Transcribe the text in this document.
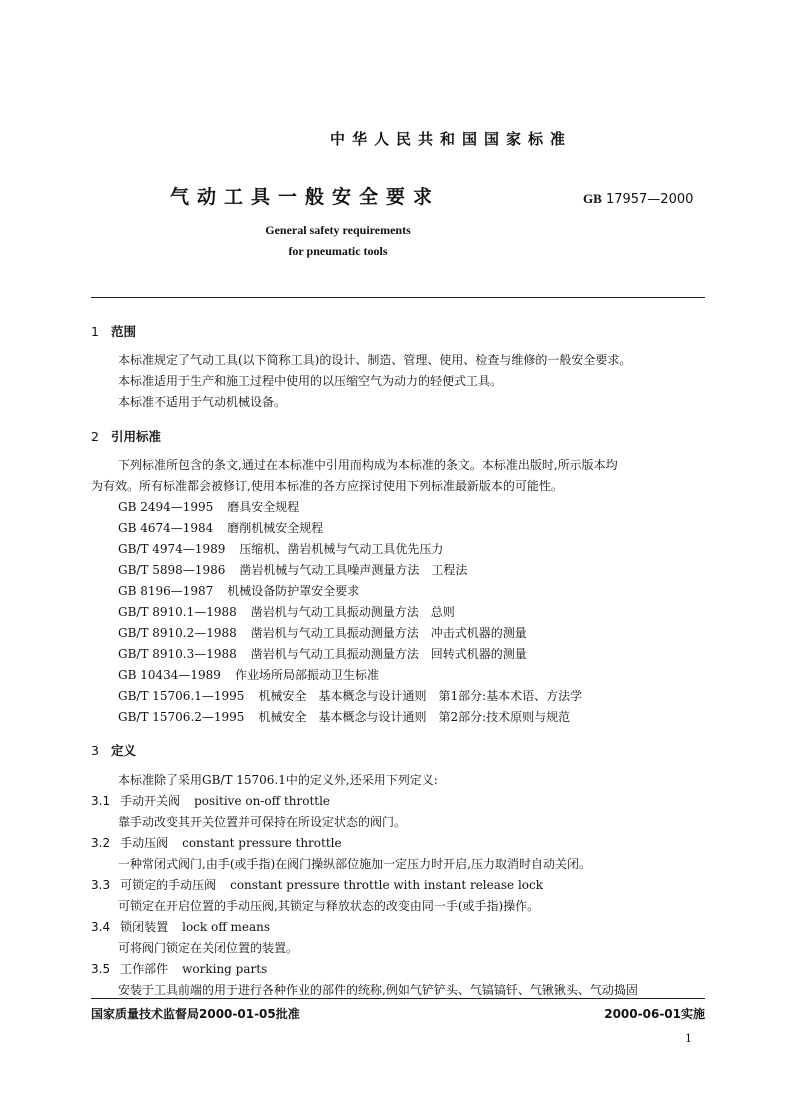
中华人民共和国国家标准
气动工具一般安全要求	GB 17957—2000
General safety requirements
for pneumatic tools
1 范围
本标准规定了气动工具(以下简称工具)的设计、制造、管理、使用、检查与维修的一般安全要求。
本标准适用于生产和施工过程中使用的以压缩空气为动力的轻便式工具。
本标准不适用于气动机械设备。
2 引用标准
下列标准所包含的条文,通过在本标准中引用而构成为本标准的条文。本标准出版时,所示版本均
为有效。所有标准都会被修订,使用本标准的各方应探讨使用下列标准最新版本的可能性。
GB 2494—1995 磨具安全规程
GB 4674—1984 磨削机械安全规程
GB/T 4974—1989 压缩机、凿岩机械与气动工具优先压力
GB/T 5898—1986 凿岩机械与气动工具噪声测量方法　工程法
GB 8196—1987 机械设备防护罩安全要求
GB/T 8910.1—1988 凿岩机与气动工具振动测量方法　总则
GB/T 8910.2—1988 凿岩机与气动工具振动测量方法　冲击式机器的测量
GB/T 8910.3—1988 凿岩机与气动工具振动测量方法　回转式机器的测量
GB 10434—1989 作业场所局部振动卫生标准
GB/T 15706.1—1995 机械安全　基本概念与设计通则　第1部分:基本术语、方法学
GB/T 15706.2—1995 机械安全　基本概念与设计通则　第2部分:技术原则与规范
3 定义
本标准除了采用GB/T 15706.1中的定义外,还采用下列定义:
3.1 手动开关阀 positive on-off throttle
靠手动改变其开关位置并可保持在所设定状态的阀门。
3.2 手动压阀 constant pressure throttle
一种常闭式阀门,由手(或手指)在阀门操纵部位施加一定压力时开启,压力取消时自动关闭。
3.3 可锁定的手动压阀 constant pressure throttle with instant release lock
可锁定在开启位置的手动压阀,其锁定与释放状态的改变由同一手(或手指)操作。
3.4 锁闭装置 lock off means
可将阀门锁定在关闭位置的装置。
3.5 工作部件 working parts
安装于工具前端的用于进行各种作业的部件的统称,例如气铲铲头、气镐镐钎、气锹锹头、气动捣固
国家质量技术监督局2000-01-05批准	2000-06-01实施
1
